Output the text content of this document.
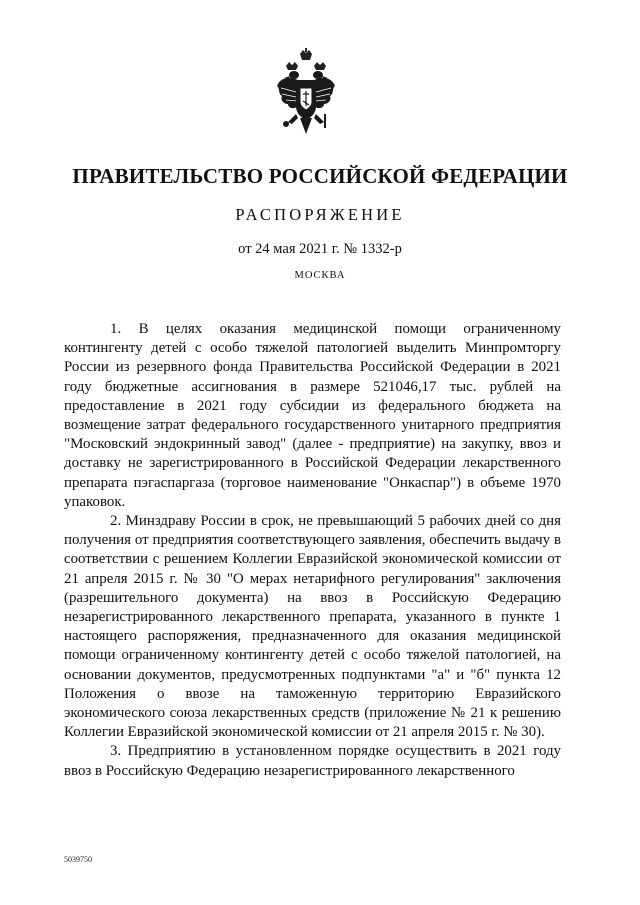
ПРАВИТЕЛЬСТВО РОССИЙСКОЙ ФЕДЕРАЦИИ
РАСПОРЯЖЕНИЕ
от 24 мая 2021 г. № 1332-р
МОСКВА

1. В целях оказания медицинской помощи ограниченному контингенту детей с особо тяжелой патологией выделить Минпромторгу России из резервного фонда Правительства Российской Федерации в 2021 году бюджетные ассигнования в размере 521046,17 тыс. рублей на предоставление в 2021 году субсидии из федерального бюджета на возмещение затрат федерального государственного унитарного предприятия "Московский эндокринный завод" (далее - предприятие) на закупку, ввоз и доставку не зарегистрированного в Российской Федерации лекарственного препарата пэгаспаргаза (торговое наименование "Онкаспар") в объеме 1970 упаковок.

2. Минздраву России в срок, не превышающий 5 рабочих дней со дня получения от предприятия соответствующего заявления, обеспечить выдачу в соответствии с решением Коллегии Евразийской экономической комиссии от 21 апреля 2015 г. № 30 "О мерах нетарифного регулирования" заключения (разрешительного документа) на ввоз в Российскую Федерацию незарегистрированного лекарственного препарата, указанного в пункте 1 настоящего распоряжения, предназначенного для оказания медицинской помощи ограниченному контингенту детей с особо тяжелой патологией, на основании документов, предусмотренных подпунктами "а" и "б" пункта 12 Положения о ввозе на таможенную территорию Евразийского экономического союза лекарственных средств (приложение № 21 к решению Коллегии Евразийской экономической комиссии от 21 апреля 2015 г. № 30).

3. Предприятию в установленном порядке осуществить в 2021 году ввоз в Российскую Федерацию незарегистрированного лекарственного

5039750
